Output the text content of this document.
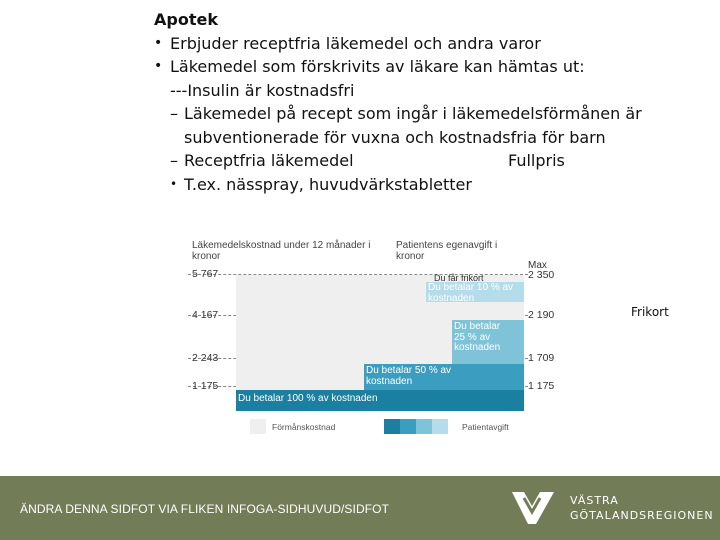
Apotek
• Erbjuder receptfria läkemedel och andra varor
• Läkemedel som förskrivits av läkare kan hämtas ut:
---Insulin är kostnadsfri
– Läkemedel på recept som ingår i läkemedelsförmånen är
subventionerade för vuxna och kostnadsfria för barn
– Receptfria läkemedel	Fullpris
• T.ex. nässpray, huvudvärkstabletter
Läkemedelskostnad under 12 månader i kronor
Patientens egenavgift i kronor
Du betalar 100 % av kostnaden
Du betalar 50 % av kostnaden
Du betalar 25 % av kostnaden
Du betalar 10 % av kostnaden
Du får frikort
5 767
4 167
2 243
1 175
Max
2 350
2 190
1 709
1 175
Förmånskostnad	Patientavgift
Frikort
ÄNDRA DENNA SIDFOT VIA FLIKEN INFOGA-SIDHUVUD/SIDFOT
VÄSTRA
GÖTALANDSREGIONEN
